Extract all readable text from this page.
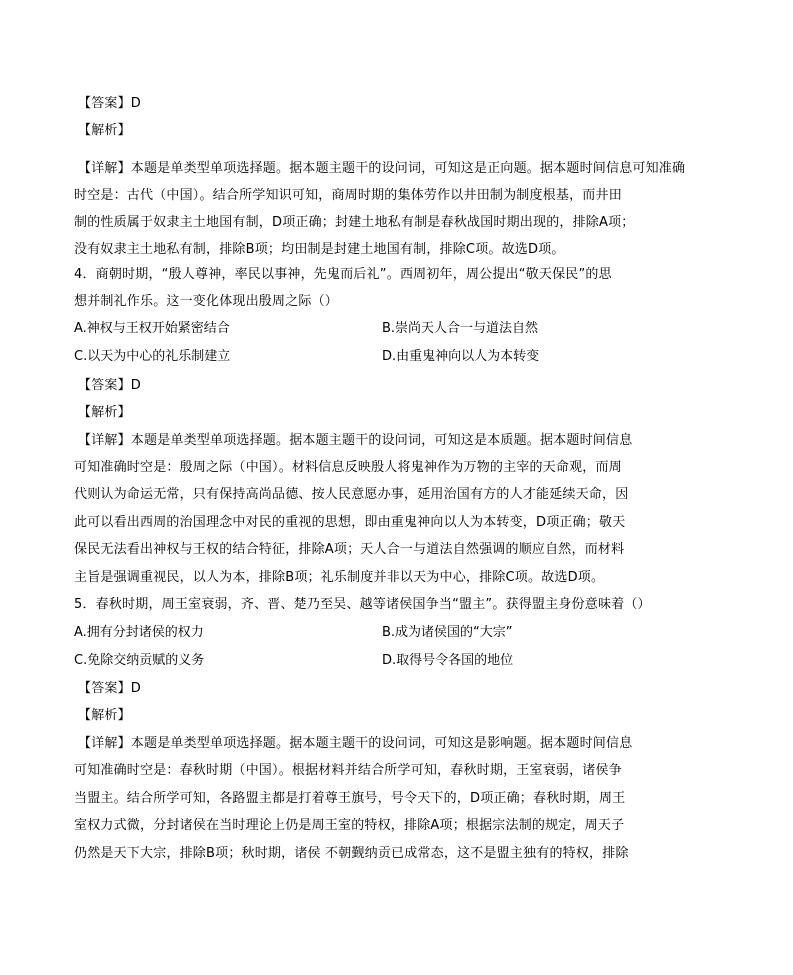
【答案】D
【解析】
【详解】本题是单类型单项选择题。据本题主题干的设问词，可知这是正向题。据本题时间信息可知准确
时空是：古代（中国）。结合所学知识可知，商周时期的集体劳作以井田制为制度根基，而井田
制的性质属于奴隶主土地国有制，D项正确；封建土地私有制是春秋战国时期出现的，排除A项；
没有奴隶主土地私有制，排除B项；均田制是封建土地国有制，排除C项。故选D项。
4．商朝时期，“殷人尊神，率民以事神，先鬼而后礼”。西周初年，周公提出“敬天保民”的思
想并制礼作乐。这一变化体现出殷周之际（）
A.神权与王权开始紧密结合	B.崇尚天人合一与道法自然
C.以天为中心的礼乐制建立	D.由重鬼神向以人为本转变
【答案】D
【解析】
【详解】本题是单类型单项选择题。据本题主题干的设问词，可知这是本质题。据本题时间信息
可知准确时空是：殷周之际（中国）。材料信息反映殷人将鬼神作为万物的主宰的天命观，而周
代则认为命运无常，只有保持高尚品德、按人民意愿办事，延用治国有方的人才能延续天命，因
此可以看出西周的治国理念中对民的重视的思想，即由重鬼神向以人为本转变，D项正确；敬天
保民无法看出神权与王权的结合特征，排除A项；天人合一与道法自然强调的顺应自然，而材料
主旨是强调重视民，以人为本，排除B项；礼乐制度并非以天为中心，排除C项。故选D项。
5．春秋时期，周王室衰弱，齐、晋、楚乃至吴、越等诸侯国争当“盟主”。获得盟主身份意味着（）
A.拥有分封诸侯的权力	B.成为诸侯国的“大宗”
C.免除交纳贡赋的义务	D.取得号令各国的地位
【答案】D
【解析】
【详解】本题是单类型单项选择题。据本题主题干的设问词，可知这是影响题。据本题时间信息
可知准确时空是：春秋时期（中国）。根据材料并结合所学可知，春秋时期，王室衰弱，诸侯争
当盟主。结合所学可知，各路盟主都是打着尊王旗号，号令天下的，D项正确；春秋时期，周王
室权力式微，分封诸侯在当时理论上仍是周王室的特权，排除A项；根据宗法制的规定，周天子
仍然是天下大宗，排除B项；秋时期，诸侯 不朝觐纳贡已成常态，这不是盟主独有的特权，排除
